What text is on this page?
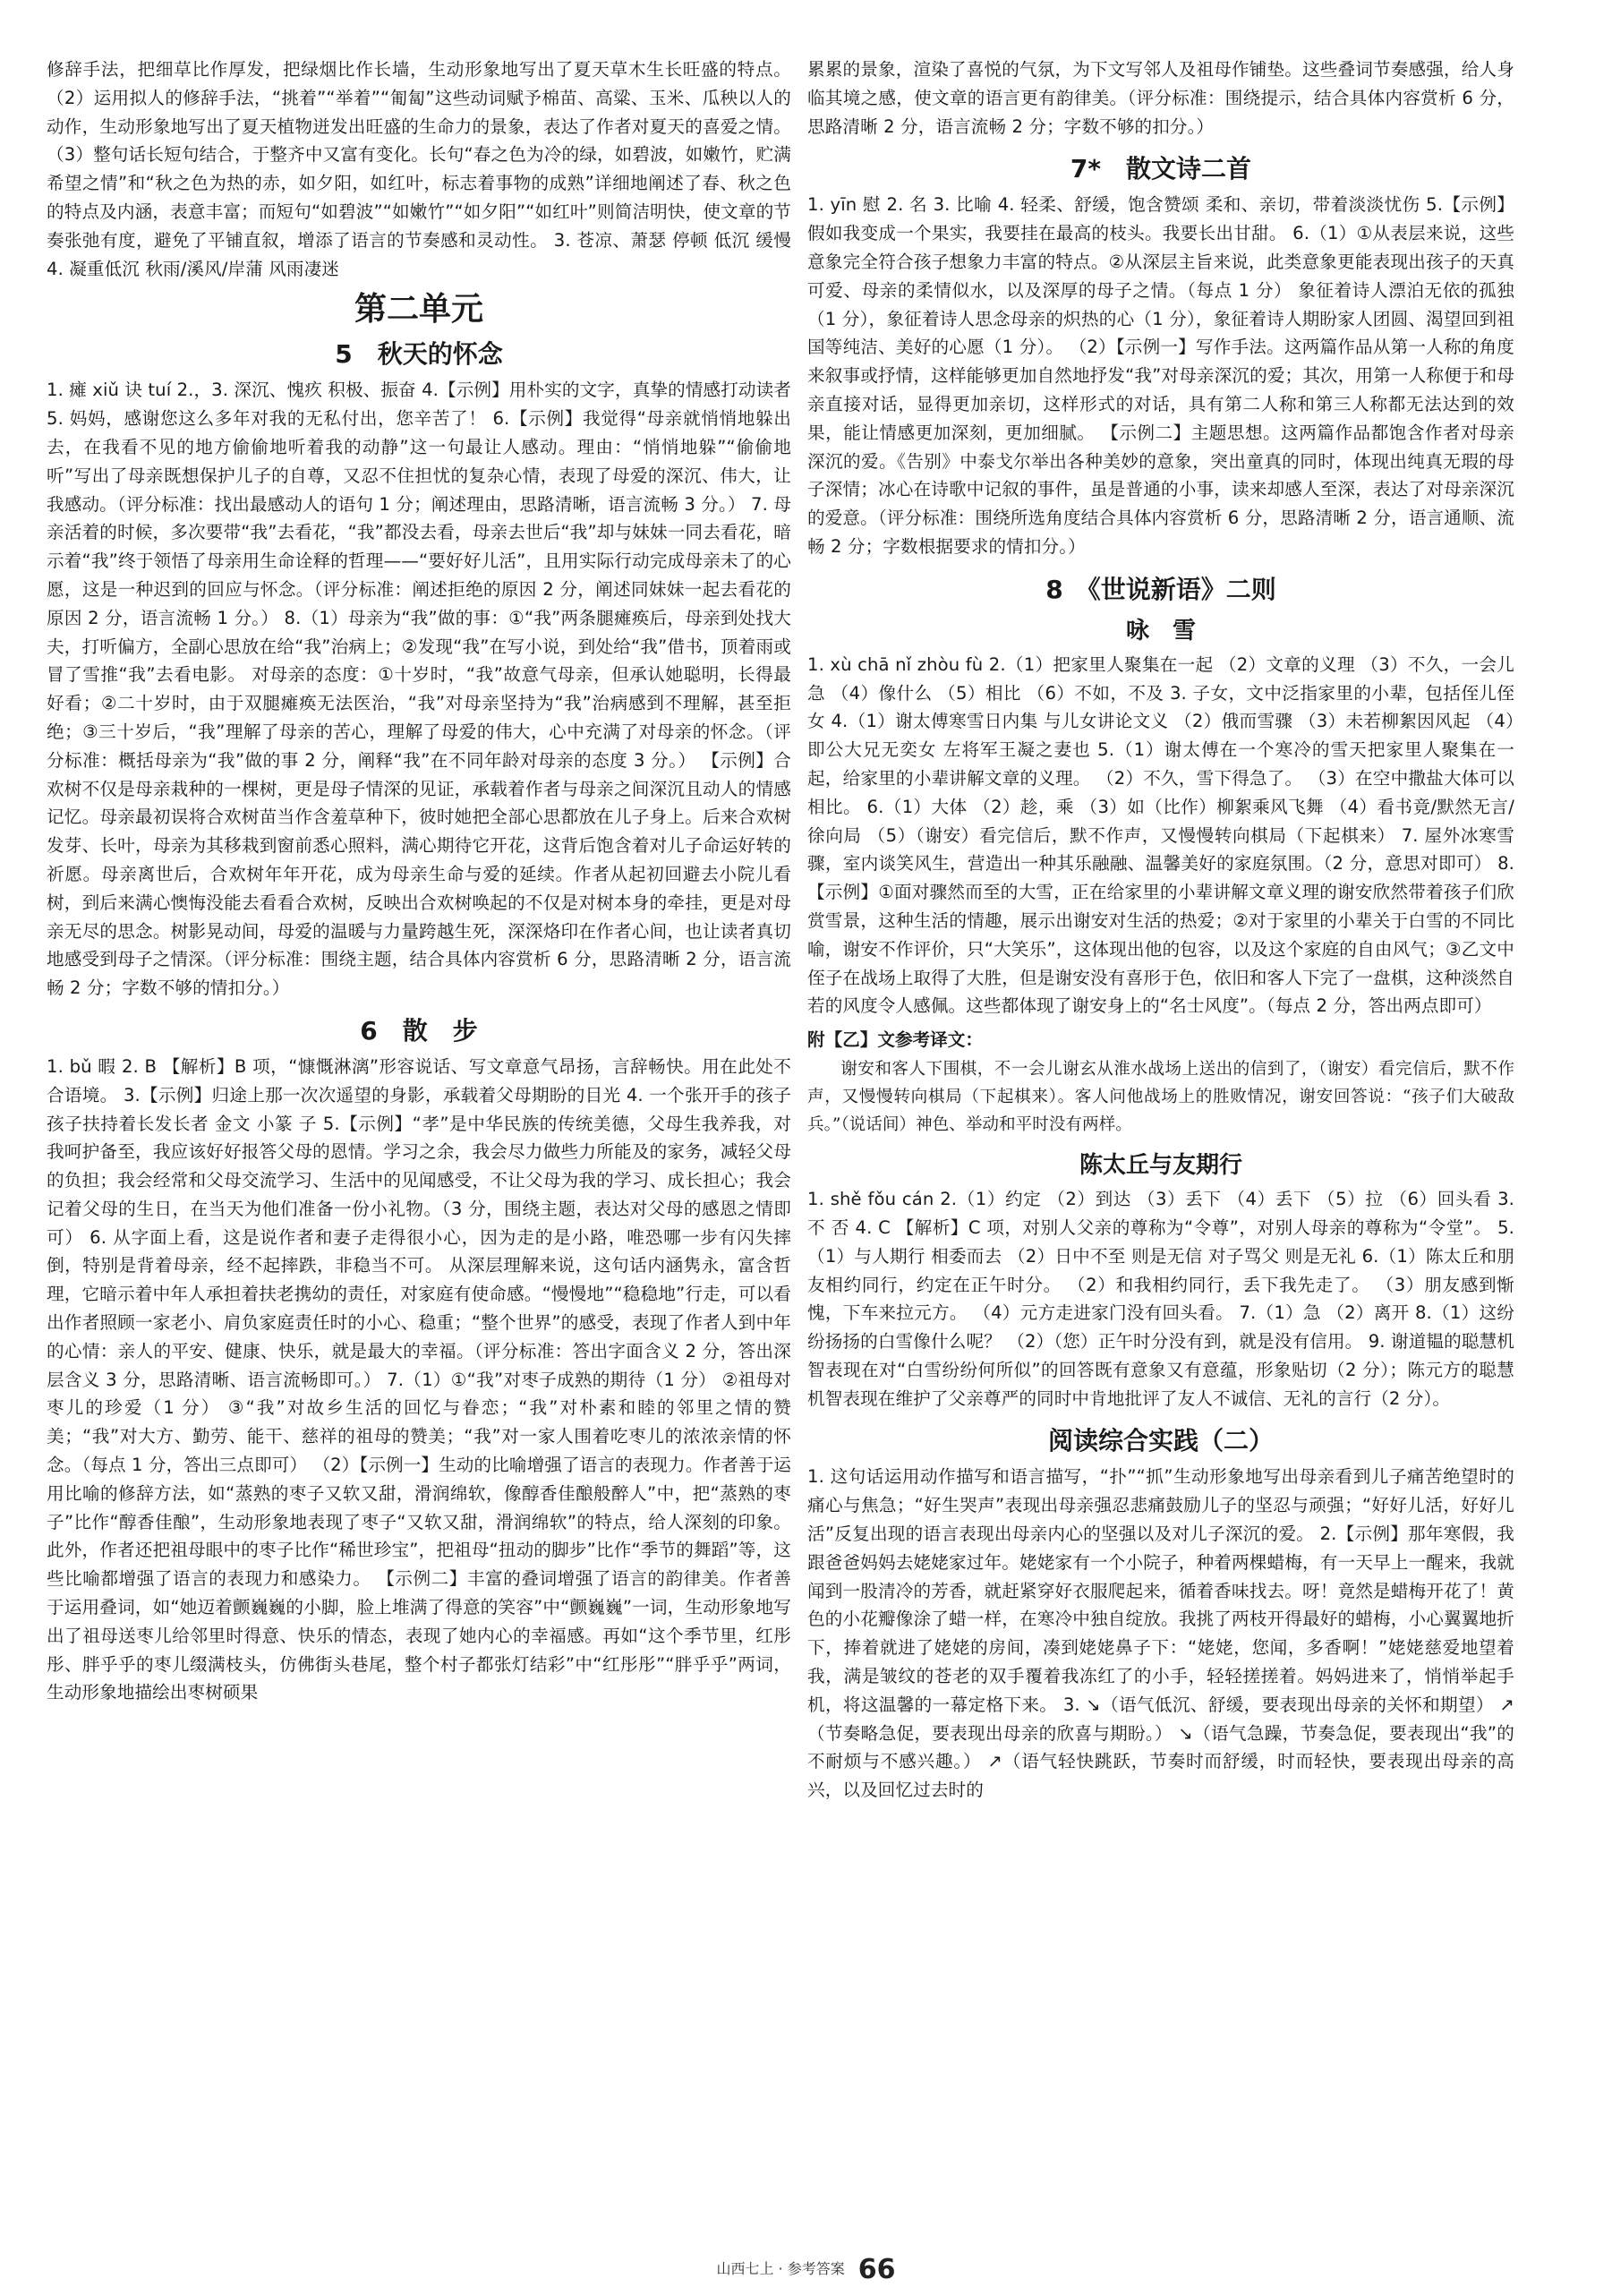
修辞手法，把细草比作厚发，把绿烟比作长墙，生动形象地写出了夏天草木生长旺盛的特点。（2）运用拟人的修辞手法，“挑着”“举着”“匍匐”这些动词赋予棉苗、高粱、玉米、瓜秧以人的动作，生动形象地写出了夏天植物迸发出旺盛的生命力的景象，表达了作者对夏天的喜爱之情。（3）整句话长短句结合，于整齐中又富有变化。长句“春之色为冷的绿，如碧波，如嫩竹，贮满希望之情”和“秋之色为热的赤，如夕阳，如红叶，标志着事物的成熟”详细地阐述了春、秋之色的特点及内涵，表意丰富；而短句“如碧波”“如嫩竹”“如夕阳”“如红叶”则简洁明快，使文章的节奏张弛有度，避免了平铺直叙，增添了语言的节奏感和灵动性。 3. 苍凉、萧瑟 停顿 低沉 缓慢 4. 凝重低沉 秋雨/溪风/岸蒲 风雨凄迷

第二单元
5　秋天的怀念

1. 瘫 xiǔ 诀 tuí 2.，3. 深沉、愧疚 积极、振奋 4.【示例】用朴实的文字，真挚的情感打动读者 5. 妈妈，感谢您这么多年对我的无私付出，您辛苦了！ 6.【示例】我觉得“母亲就悄悄地躲出去，在我看不见的地方偷偷地听着我的动静”这一句最让人感动。理由：“悄悄地躲”“偷偷地听”写出了母亲既想保护儿子的自尊，又忍不住担忧的复杂心情，表现了母爱的深沉、伟大，让我感动。（评分标准：找出最感动人的语句 1 分；阐述理由，思路清晰，语言流畅 3 分。） 7. 母亲活着的时候，多次要带“我”去看花，“我”都没去看，母亲去世后“我”却与妹妹一同去看花，暗示着“我”终于领悟了母亲用生命诠释的哲理——“要好好儿活”，且用实际行动完成母亲未了的心愿，这是一种迟到的回应与怀念。（评分标准：阐述拒绝的原因 2 分，阐述同妹妹一起去看花的原因 2 分，语言流畅 1 分。） 8.（1）母亲为“我”做的事：①“我”两条腿瘫痪后，母亲到处找大夫，打听偏方，全副心思放在给“我”治病上；②发现“我”在写小说，到处给“我”借书，顶着雨或冒了雪推“我”去看电影。 对母亲的态度：①十岁时，“我”故意气母亲，但承认她聪明，长得最好看；②二十岁时，由于双腿瘫痪无法医治，“我”对母亲坚持为“我”治病感到不理解，甚至拒绝；③三十岁后，“我”理解了母亲的苦心，理解了母爱的伟大，心中充满了对母亲的怀念。（评分标准：概括母亲为“我”做的事 2 分，阐释“我”在不同年龄对母亲的态度 3 分。） 【示例】合欢树不仅是母亲栽种的一棵树，更是母子情深的见证，承载着作者与母亲之间深沉且动人的情感记忆。母亲最初误将合欢树苗当作含羞草种下，彼时她把全部心思都放在儿子身上。后来合欢树发芽、长叶，母亲为其移栽到窗前悉心照料，满心期待它开花，这背后饱含着对儿子命运好转的祈愿。母亲离世后，合欢树年年开花，成为母亲生命与爱的延续。作者从起初回避去小院儿看树，到后来满心懊悔没能去看看合欢树，反映出合欢树唤起的不仅是对树本身的牵挂，更是对母亲无尽的思念。树影晃动间，母爱的温暖与力量跨越生死，深深烙印在作者心间，也让读者真切地感受到母子之情深。（评分标准：围绕主题，结合具体内容赏析 6 分，思路清晰 2 分，语言流畅 2 分；字数不够的情扣分。）

6　散　步

1. bǔ 暇 2. B 【解析】B 项，“慷慨淋漓”形容说话、写文章意气昂扬，言辞畅快。用在此处不合语境。 3.【示例】归途上那一次次遥望的身影，承载着父母期盼的目光 4. 一个张开手的孩子 孩子扶持着长发长者 金文 小篆 子 5.【示例】“孝”是中华民族的传统美德，父母生我养我，对我呵护备至，我应该好好报答父母的恩情。学习之余，我会尽力做些力所能及的家务，减轻父母的负担；我会经常和父母交流学习、生活中的见闻感受，不让父母为我的学习、成长担心；我会记着父母的生日，在当天为他们准备一份小礼物。（3 分，围绕主题，表达对父母的感恩之情即可） 6. 从字面上看，这是说作者和妻子走得很小心，因为走的是小路，唯恐哪一步有闪失摔倒，特别是背着母亲，经不起摔跌，非稳当不可。 从深层理解来说，这句话内涵隽永，富含哲理，它暗示着中年人承担着扶老携幼的责任，对家庭有使命感。“慢慢地”“稳稳地”行走，可以看出作者照顾一家老小、肩负家庭责任时的小心、稳重；“整个世界”的感受，表现了作者人到中年的心情：亲人的平安、健康、快乐，就是最大的幸福。（评分标准：答出字面含义 2 分，答出深层含义 3 分，思路清晰、语言流畅即可。） 7.（1）①“我”对枣子成熟的期待（1 分） ②祖母对枣儿的珍爱（1 分） ③“我”对故乡生活的回忆与眷恋；“我”对朴素和睦的邻里之情的赞美；“我”对大方、勤劳、能干、慈祥的祖母的赞美；“我”对一家人围着吃枣儿的浓浓亲情的怀念。（每点 1 分，答出三点即可） （2）【示例一】生动的比喻增强了语言的表现力。作者善于运用比喻的修辞方法，如“蒸熟的枣子又软又甜，滑润绵软，像醇香佳酿般醉人”中，把“蒸熟的枣子”比作“醇香佳酿”，生动形象地表现了枣子“又软又甜，滑润绵软”的特点，给人深刻的印象。此外，作者还把祖母眼中的枣子比作“稀世珍宝”，把祖母“扭动的脚步”比作“季节的舞蹈”等，这些比喻都增强了语言的表现力和感染力。 【示例二】丰富的叠词增强了语言的韵律美。作者善于运用叠词，如“她迈着颤巍巍的小脚，脸上堆满了得意的笑容”中“颤巍巍”一词，生动形象地写出了祖母送枣儿给邻里时得意、快乐的情态，表现了她内心的幸福感。再如“这个季节里，红彤彤、胖乎乎的枣儿缀满枝头，仿佛街头巷尾，整个村子都张灯结彩”中“红彤彤”“胖乎乎”两词，生动形象地描绘出枣树硕果

累累的景象，渲染了喜悦的气氛，为下文写邻人及祖母作铺垫。这些叠词节奏感强，给人身临其境之感，使文章的语言更有韵律美。（评分标准：围绕提示，结合具体内容赏析 6 分，思路清晰 2 分，语言流畅 2 分；字数不够的扣分。）

7*　散文诗二首

1. yīn 慰 2. 名 3. 比喻 4. 轻柔、舒缓，饱含赞颂 柔和、亲切，带着淡淡忧伤 5.【示例】假如我变成一个果实，我要挂在最高的枝头。我要长出甘甜。 6.（1）①从表层来说，这些意象完全符合孩子想象力丰富的特点。②从深层主旨来说，此类意象更能表现出孩子的天真可爱、母亲的柔情似水，以及深厚的母子之情。（每点 1 分） 象征着诗人漂泊无依的孤独（1 分），象征着诗人思念母亲的炽热的心（1 分），象征着诗人期盼家人团圆、渴望回到祖国等纯洁、美好的心愿（1 分）。 （2）【示例一】写作手法。这两篇作品从第一人称的角度来叙事或抒情，这样能够更加自然地抒发“我”对母亲深沉的爱；其次，用第一人称便于和母亲直接对话，显得更加亲切，这样形式的对话，具有第二人称和第三人称都无法达到的效果，能让情感更加深刻，更加细腻。 【示例二】主题思想。这两篇作品都饱含作者对母亲深沉的爱。《告别》中泰戈尔举出各种美妙的意象，突出童真的同时，体现出纯真无瑕的母子深情；冰心在诗歌中记叙的事件，虽是普通的小事，读来却感人至深，表达了对母亲深沉的爱意。（评分标准：围绕所选角度结合具体内容赏析 6 分，思路清晰 2 分，语言通顺、流畅 2 分；字数根据要求的情扣分。）

8　《世说新语》二则
咏　雪

1. xù chā nǐ zhòu fù 2.（1）把家里人聚集在一起 （2）文章的义理 （3）不久，一会儿 急 （4）像什么 （5）相比 （6）不如，不及 3. 子女，文中泛指家里的小辈，包括侄儿侄女 4.（1）谢太傅寒雪日内集 与儿女讲论文义 （2）俄而雪骤 （3）未若柳絮因风起 （4）即公大兄无奕女 左将军王凝之妻也 5.（1）谢太傅在一个寒冷的雪天把家里人聚集在一起，给家里的小辈讲解文章的义理。 （2）不久，雪下得急了。 （3）在空中撒盐大体可以相比。 6.（1）大体 （2）趁，乘 （3）如（比作）柳絮乘风飞舞 （4）看书竟/默然无言/徐向局 （5）（谢安）看完信后，默不作声，又慢慢转向棋局（下起棋来） 7. 屋外冰寒雪骤，室内谈笑风生，营造出一种其乐融融、温馨美好的家庭氛围。（2 分，意思对即可） 8.【示例】①面对骤然而至的大雪，正在给家里的小辈讲解文章义理的谢安欣然带着孩子们欣赏雪景，这种生活的情趣，展示出谢安对生活的热爱；②对于家里的小辈关于白雪的不同比喻，谢安不作评价，只“大笑乐”，这体现出他的包容，以及这个家庭的自由风气；③乙文中侄子在战场上取得了大胜，但是谢安没有喜形于色，依旧和客人下完了一盘棋，这种淡然自若的风度令人感佩。这些都体现了谢安身上的“名士风度”。（每点 2 分，答出两点即可）

附【乙】文参考译文：

谢安和客人下围棋，不一会儿谢玄从淮水战场上送出的信到了，（谢安）看完信后，默不作声，又慢慢转向棋局（下起棋来）。客人问他战场上的胜败情况，谢安回答说：“孩子们大破敌兵。”（说话间）神色、举动和平时没有两样。

陈太丘与友期行

1. shě fǒu cán 2.（1）约定 （2）到达 （3）丢下 （4）丢下 （5）拉 （6）回头看 3. 不 否 4. C 【解析】C 项，对别人父亲的尊称为“令尊”，对别人母亲的尊称为“令堂”。 5.（1）与人期行 相委而去 （2）日中不至 则是无信 对子骂父 则是无礼 6.（1）陈太丘和朋友相约同行，约定在正午时分。 （2）和我相约同行，丢下我先走了。 （3）朋友感到惭愧，下车来拉元方。 （4）元方走进家门没有回头看。 7.（1）急 （2）离开 8.（1）这纷纷扬扬的白雪像什么呢？ （2）（您）正午时分没有到，就是没有信用。 9. 谢道韫的聪慧机智表现在对“白雪纷纷何所似”的回答既有意象又有意蕴，形象贴切（2 分）；陈元方的聪慧机智表现在维护了父亲尊严的同时中肯地批评了友人不诚信、无礼的言行（2 分）。

阅读综合实践（二）

1. 这句话运用动作描写和语言描写，“扑”“抓”生动形象地写出母亲看到儿子痛苦绝望时的痛心与焦急；“好生哭声”表现出母亲强忍悲痛鼓励儿子的坚忍与顽强；“好好儿活，好好儿活”反复出现的语言表现出母亲内心的坚强以及对儿子深沉的爱。 2.【示例】那年寒假，我跟爸爸妈妈去姥姥家过年。姥姥家有一个小院子，种着两棵蜡梅，有一天早上一醒来，我就闻到一股清冷的芳香，就赶紧穿好衣服爬起来，循着香味找去。呀！竟然是蜡梅开花了！黄色的小花瓣像涂了蜡一样，在寒冷中独自绽放。我挑了两枝开得最好的蜡梅，小心翼翼地折下，捧着就进了姥姥的房间，凑到姥姥鼻子下：“姥姥，您闻，多香啊！”姥姥慈爱地望着我，满是皱纹的苍老的双手覆着我冻红了的小手，轻轻搓搓着。妈妈进来了，悄悄举起手机，将这温馨的一幕定格下来。 3. ↘（语气低沉、舒缓，要表现出母亲的关怀和期望） ↗（节奏略急促，要表现出母亲的欣喜与期盼。） ↘（语气急躁，节奏急促，要表现出“我”的不耐烦与不感兴趣。） ↗（语气轻快跳跃，节奏时而舒缓，时而轻快，要表现出母亲的高兴，以及回忆过去时的

山西七上 · 参考答案 66
